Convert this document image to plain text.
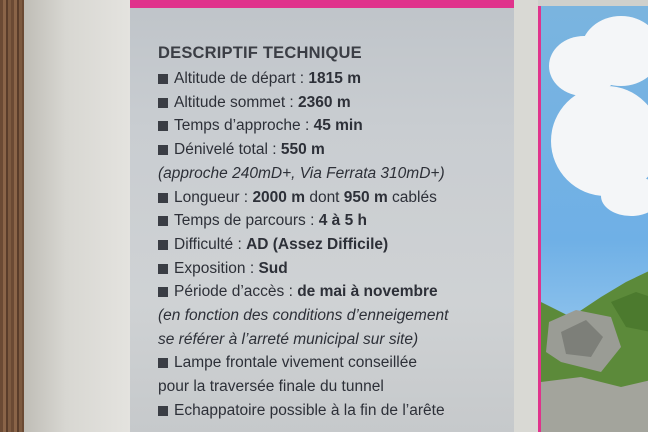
DESCRIPTIF TECHNIQUE
Altitude de départ : 1815 m
Altitude sommet : 2360 m
Temps d’approche : 45 min
Dénivelé total : 550 m
(approche 240mD+, Via Ferrata 310mD+)
Longueur : 2000 m dont 950 m cablés
Temps de parcours : 4 à 5 h
Difficulté : AD (Assez Difficile)
Exposition : Sud
Période d’accès : de mai à novembre
(en fonction des conditions d’enneigement
se référer à l’arreté municipal sur site)
Lampe frontale vivement conseillée
pour la traversée finale du tunnel
Echappatoire possible à la fin de l’arête
